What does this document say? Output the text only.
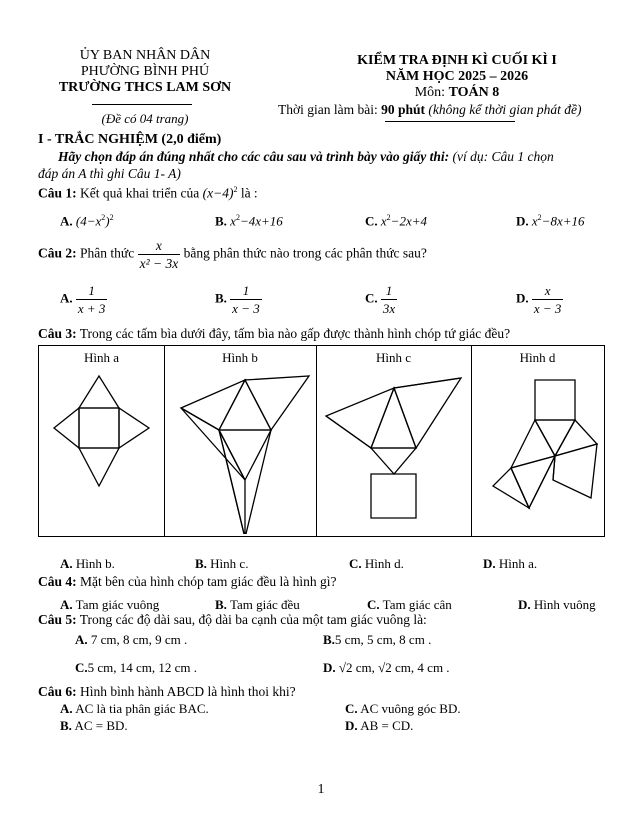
ỦY BAN NHÂN DÂN
PHƯỜNG BÌNH PHÚ
TRƯỜNG THCS LAM SƠN
(Đề có 04 trang)
KIỂM TRA ĐỊNH KÌ CUỐI KÌ I
NĂM HỌC 2025 – 2026
Môn: TOÁN 8
Thời gian làm bài: 90 phút (không kể thời gian phát đề)
I - TRẮC NGHIỆM (2,0 điểm)
Hãy chọn đáp án đúng nhất cho các câu sau và trình bày vào giấy thi: (ví dụ: Câu 1 chọn
đáp án A thì ghi Câu 1- A)
Câu 1: Kết quả khai triển của $(x-4)^2$ là :
A. $(4-x^2)^2$	B. $x^2-4x+16$	C. $x^2-2x+4$	D. $x^2-8x+16$
Câu 2: Phân thức $\frac{x}{\text{x² − 3x}}$ bằng phân thức nào trong các phân thức sau?
A. $\frac{1}{x + 3}$	B. $\frac{1}{x - 3}$	C. $\frac{1}{3x}$	D. $\frac{x}{x - 3}$
Câu 3: Trong các tấm bìa dưới đây, tấm bìa nào gấp được thành hình chóp tứ giác đều?
Hình a	Hình b	Hình c	Hình d
A. Hình b.	B. Hình c.	C. Hình d.	D. Hình a.
Câu 4: Mặt bên của hình chóp tam giác đều là hình gì?
A. Tam giác vuông	B. Tam giác đều	C. Tam giác cân	D. Hình vuông
Câu 5: Trong các độ dài sau, độ dài ba cạnh của một tam giác vuông là:
A. 7 cm, 8 cm, 9 cm .	B.5 cm, 5 cm, 8 cm .
C.5 cm, 14 cm, 12 cm .	D. √2 cm, √2 cm, 4 cm .
Câu 6: Hình bình hành ABCD là hình thoi khi?
A. AC là tia phân giác BAC.	C. AC vuông góc BD.
B. AC = BD.	D. AB = CD.
1
